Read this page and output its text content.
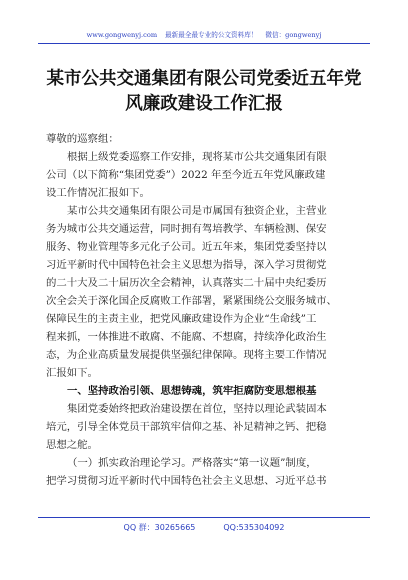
www.gongwenyj.com 最新最全最专业的公文资料库！ 微信：gongwenyj
某市公共交通集团有限公司党委近五年党
风廉政建设工作汇报
尊敬的巡察组：
根据上级党委巡察工作安排，现将某市公共交通集团有限
公司（以下简称“集团党委”）2022 年至今近五年党风廉政建
设工作情况汇报如下。
某市公共交通集团有限公司是市属国有独资企业，主营业
务为城市公共交通运营，同时拥有驾培教学、车辆检测、保安
服务、物业管理等多元化子公司。近五年来，集团党委坚持以
习近平新时代中国特色社会主义思想为指导，深入学习贯彻党
的二十大及二十届历次全会精神，认真落实二十届中央纪委历
次全会关于深化国企反腐败工作部署，紧紧围绕公交服务城市、
保障民生的主责主业，把党风廉政建设作为企业“生命线”工
程来抓，一体推进不敢腐、不能腐、不想腐，持续净化政治生
态，为企业高质量发展提供坚强纪律保障。现将主要工作情况
汇报如下。
一、坚持政治引领、思想铸魂，筑牢拒腐防变思想根基
集团党委始终把政治建设摆在首位，坚持以理论武装固本
培元，引导全体党员干部筑牢信仰之基、补足精神之钙、把稳
思想之舵。
（一）抓实政治理论学习。严格落实“第一议题”制度，
把学习贯彻习近平新时代中国特色社会主义思想、习近平总书
QQ 群：30265665	QQ:535304092
